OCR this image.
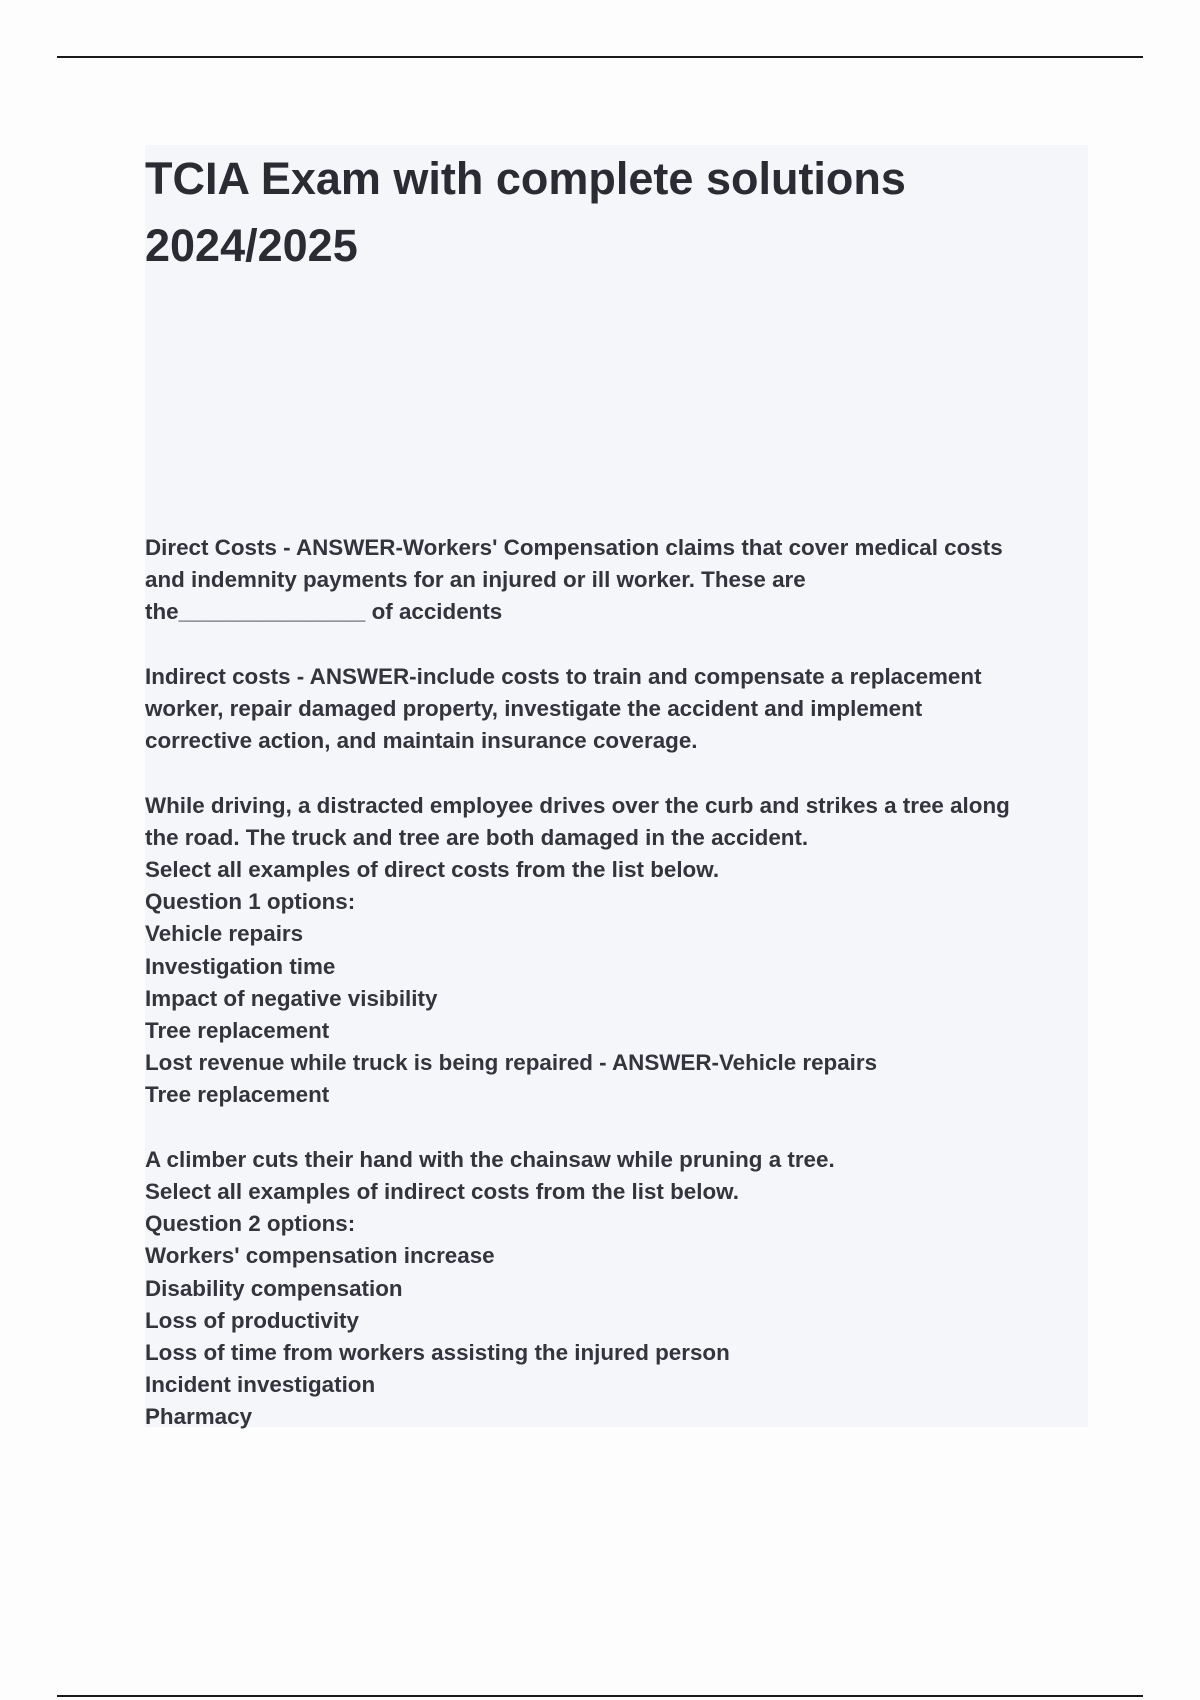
TCIA Exam with complete solutions
2024/2025
Direct Costs - ANSWER-Workers' Compensation claims that cover medical costs
and indemnity payments for an injured or ill worker. These are
the_______________ of accidents
Indirect costs - ANSWER-include costs to train and compensate a replacement
worker, repair damaged property, investigate the accident and implement
corrective action, and maintain insurance coverage.
While driving, a distracted employee drives over the curb and strikes a tree along
the road. The truck and tree are both damaged in the accident.
Select all examples of direct costs from the list below.
Question 1 options:
Vehicle repairs
Investigation time
Impact of negative visibility
Tree replacement
Lost revenue while truck is being repaired - ANSWER-Vehicle repairs
Tree replacement
A climber cuts their hand with the chainsaw while pruning a tree.
Select all examples of indirect costs from the list below.
Question 2 options:
Workers' compensation increase
Disability compensation
Loss of productivity
Loss of time from workers assisting the injured person
Incident investigation
Pharmacy
